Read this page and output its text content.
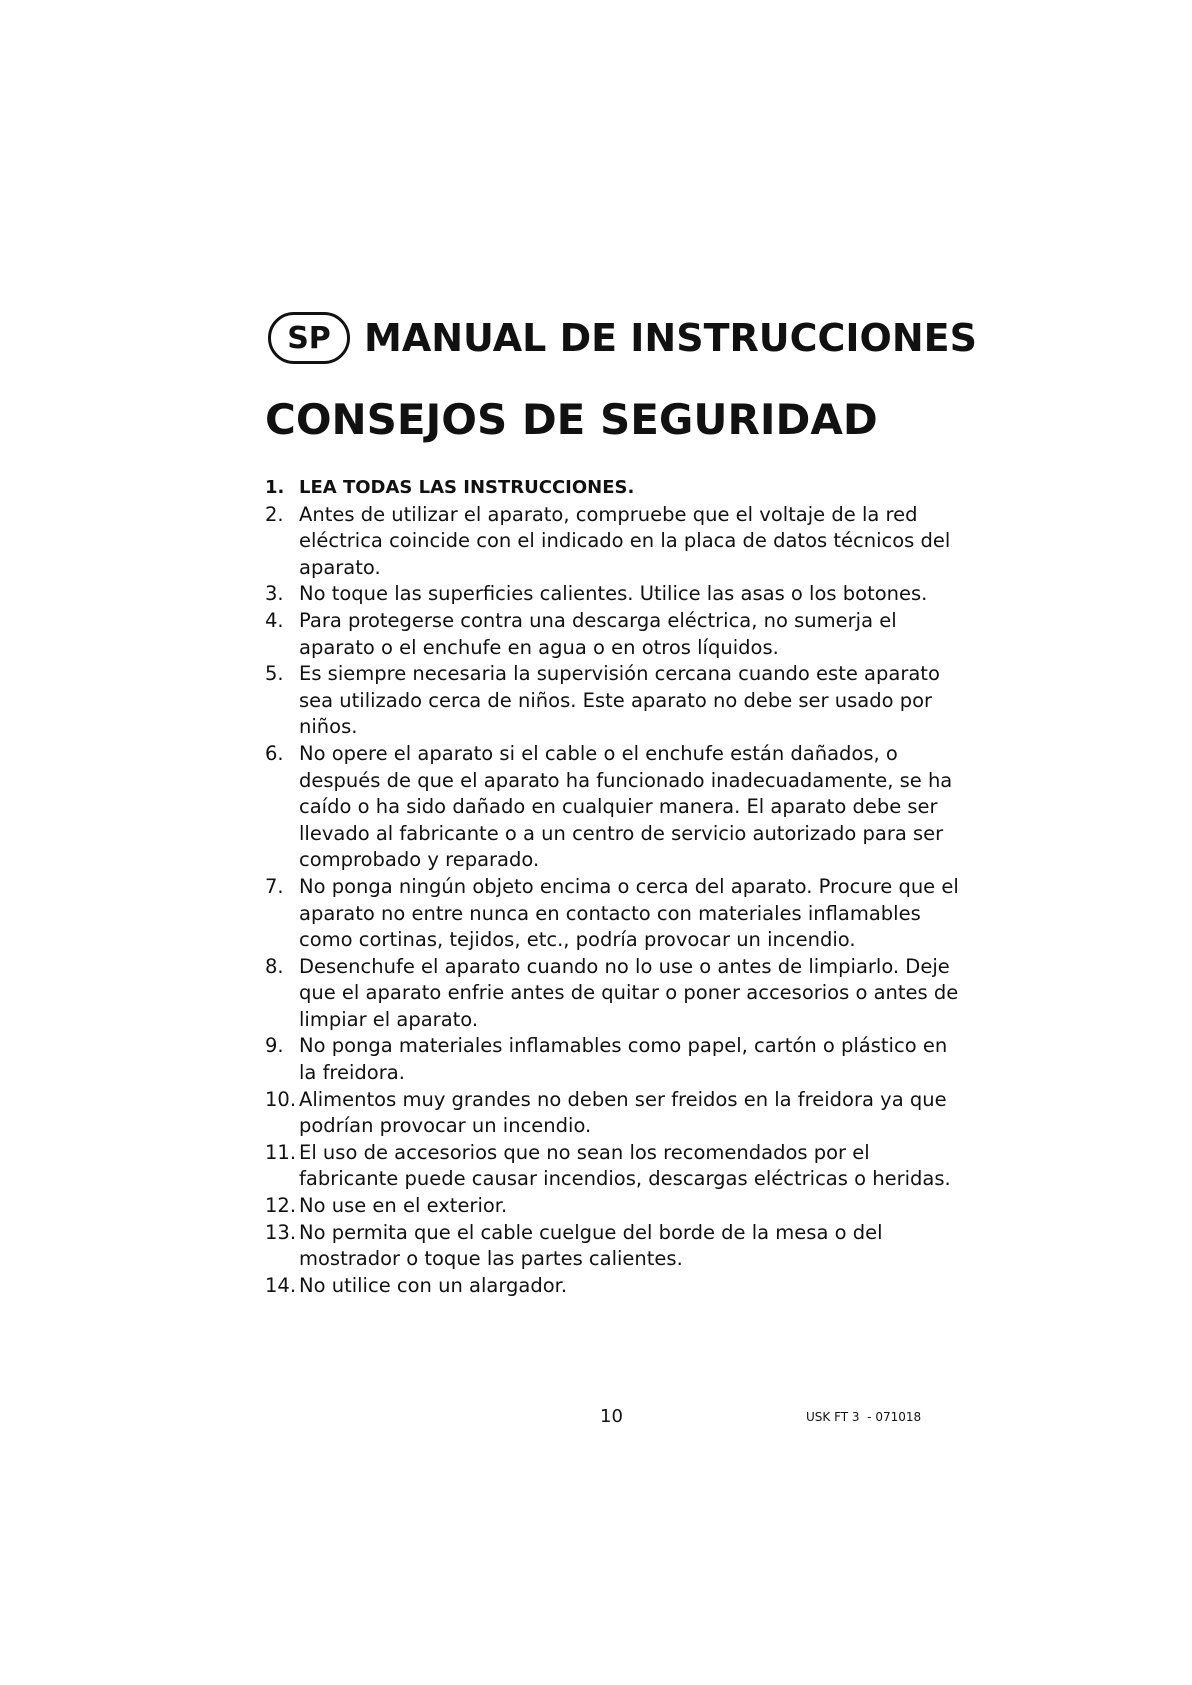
SP MANUAL DE INSTRUCCIONES
CONSEJOS DE SEGURIDAD
1. LEA TODAS LAS INSTRUCCIONES.
2. Antes de utilizar el aparato, compruebe que el voltaje de la red eléctrica coincide con el indicado en la placa de datos técnicos del aparato.
3. No toque las superficies calientes. Utilice las asas o los botones.
4. Para protegerse contra una descarga eléctrica, no sumerja el aparato o el enchufe en agua o en otros líquidos.
5. Es siempre necesaria la supervisión cercana cuando este aparato sea utilizado cerca de niños. Este aparato no debe ser usado por niños.
6. No opere el aparato si el cable o el enchufe están dañados, o después de que el aparato ha funcionado inadecuadamente, se ha caído o ha sido dañado en cualquier manera. El aparato debe ser llevado al fabricante o a un centro de servicio autorizado para ser comprobado y reparado.
7. No ponga ningún objeto encima o cerca del aparato. Procure que el aparato no entre nunca en contacto con materiales inflamables como cortinas, tejidos, etc., podría provocar un incendio.
8. Desenchufe el aparato cuando no lo use o antes de limpiarlo. Deje que el aparato enfrie antes de quitar o poner accesorios o antes de limpiar el aparato.
9. No ponga materiales inflamables como papel, cartón o plástico en la freidora.
10. Alimentos muy grandes no deben ser freidos en la freidora ya que podrían provocar un incendio.
11. El uso de accesorios que no sean los recomendados por el fabricante puede causar incendios, descargas eléctricas o heridas.
12. No use en el exterior.
13. No permita que el cable cuelgue del borde de la mesa o del mostrador o toque las partes calientes.
14. No utilice con un alargador.
10	USK FT 3  - 071018
